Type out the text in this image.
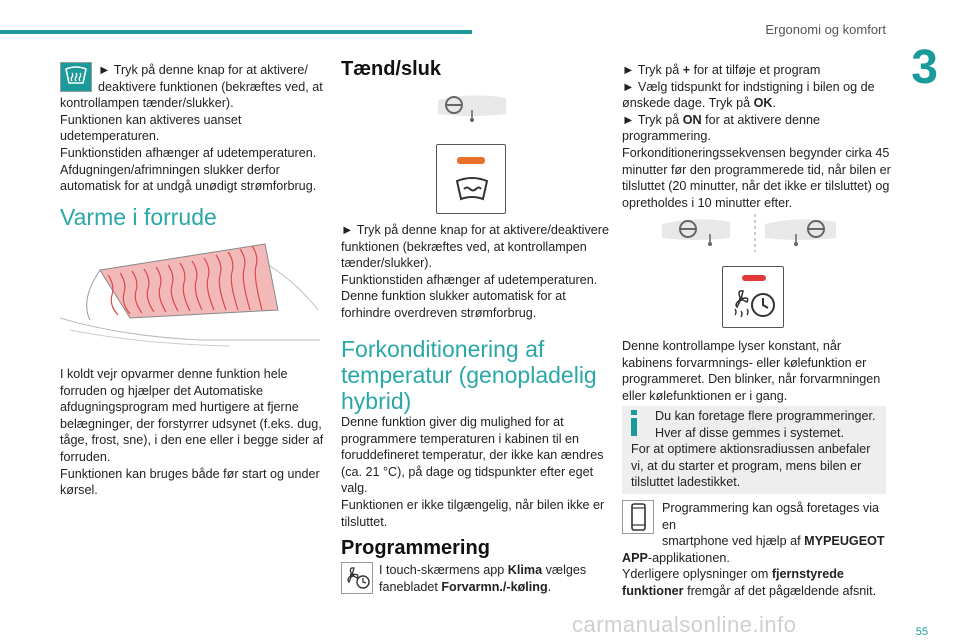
Ergonomi og komfort
3

► Tryk på denne knap for at aktivere/

deaktivere funktionen (bekræftes ved, at

kontrollampen tænder/slukker).

Funktionen kan aktiveres uanset

udetemperaturen.

Funktionstiden afhænger af udetemperaturen.

Afdugningen/afrimningen slukker derfor

automatisk for at undgå unødigt strømforbrug.

Varme i forrude

I koldt vejr opvarmer denne funktion hele

forruden og hjælper det Automatiske

afdugningsprogram med hurtigere at fjerne

belægninger, der forstyrrer udsynet (f.eks. dug,

tåge, frost, sne), i den ene eller i begge sider af

forruden.

Funktionen kan bruges både før start og under

kørsel.

Tænd/sluk

► Tryk på denne knap for at aktivere/deaktivere

funktionen (bekræftes ved, at kontrollampen

tænder/slukker).

Funktionstiden afhænger af udetemperaturen.

Denne funktion slukker automatisk for at

forhindre overdreven strømforbrug.

Forkonditionering af
temperatur (genopladelig
hybrid)

Denne funktion giver dig mulighed for at

programmere temperaturen i kabinen til en

foruddefineret temperatur, der ikke kan ændres

(ca. 21 °C), på dage og tidspunkter efter eget

valg.

Funktionen er ikke tilgængelig, når bilen ikke er

tilsluttet.

Programmering

I touch-skærmens app Klima vælges

fanebladet Forvarmn./-køling.

► Tryk på + for at tilføje et program

► Vælg tidspunkt for indstigning i bilen og de

ønskede dage. Tryk på OK.

► Tryk på ON for at aktivere denne

programmering.

Forkonditioneringssekvensen begynder cirka 45

minutter før den programmerede tid, når bilen er

tilsluttet (20 minutter, når det ikke er tilsluttet) og

opretholdes i 10 minutter efter.

Denne kontrollampe lyser konstant, når

kabinens forvarmnings- eller kølefunktion er

programmeret. Den blinker, når forvarmningen

eller kølefunktionen er i gang.

Du kan foretage flere programmeringer.

Hver af disse gemmes i systemet.

For at optimere aktionsradiussen anbefaler

vi, at du starter et program, mens bilen er

tilsluttet ladestikket.

Programmering kan også foretages via en

smartphone ved hjælp af MYPEUGEOT

APP-applikationen.

Yderligere oplysninger om fjernstyrede

funktioner fremgår af det pågældende afsnit.

carmanualsonline.info	55
